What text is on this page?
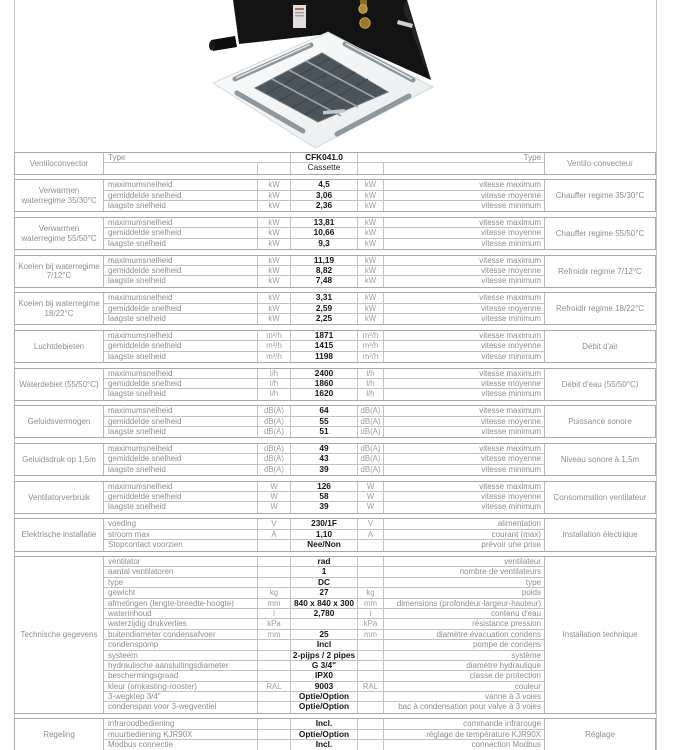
Ventiloconvector
Type	CFK041.0	Type
Cassette	Ventilo-convecteur
Verwarmen waterregime 35/30°C
maximumsnelheid	kW	4,5	kW	vitesse maximum
gemiddelde snelheid	kW	3,06	kW	vitesse moyenne
laagste snelheid	kW	2,36	kW	vitesse minimum
Chauffer regime 35/30°C
Verwarmen waterregime 55/50°C
maximumsnelheid	kW	13,81	kW	vitesse maximum
gemiddelde snelheid	kW	10,66	kW	vitesse moyenne
laagste snelheid	kW	9,3	kW	vitesse minimum
Chauffer regime 55/50°C
Koelen bij waterregime 7/12°C
maximumsnelheid	kW	11,19	kW	vitesse maximum
gemiddelde snelheid	kW	8,82	kW	vitesse moyenne
laagste snelheid	kW	7,48	kW	vitesse minimum
Refroidir regime 7/12°C
Koelen bij waterregime 18/22°C
maximumsnelheid	kW	3,31	kW	vitesse maximum
gemiddelde snelheid	kW	2,59	kW	vitesse moyenne
laagste snelheid	kW	2,25	kW	vitesse minimum
Refroidir regime 18/22°C
Luchtdebieten
maximumsnelheid	m³/h	1871	m³/h	vitesse maximum
gemiddelde snelheid	m³/h	1415	m³/h	vitesse moyenne
laagste snelheid	m³/h	1198	m³/h	vitesse minimum
Débit d'air
Waterdebiet (55/50°C)
maximumsnelheid	l/h	2400	l/h	vitesse maximum
gemiddelde snelheid	l/h	1860	l/h	vitesse moyenne
laagste snelheid	l/h	1620	l/h	vitesse minimum
Débit d'eau (55/50°C)
Geluidsvermogen
maximumsnelheid	dB(A)	64	dB(A)	vitesse maximum
gemiddelde snelheid	dB(A)	55	dB(A)	vitesse moyenne
laagste snelheid	dB(A)	51	dB(A)	vitesse minimum
Puissance sonore
Geluidsdruk op 1,5m
maximumsnelheid	dB(A)	49	dB(A)	vitesse maximum
gemiddelde snelheid	dB(A)	43	dB(A)	vitesse moyenne
laagste snelheid	dB(A)	39	dB(A)	vitesse minimum
Niveau sonore à 1,5m
Ventilatorverbruik
maximumsnelheid	W	126	W	vitesse maximum
gemiddelde snelheid	W	58	W	vitesse moyenne
laagste snelheid	W	39	W	vitesse minimum
Consommation ventilateur
Elektrische installatie
voeding	V	230/1F	V	alimentation
stroom max	A	1,10	A	courant (max)
Stopcontact voorzien	Nee/Non	prévoir une prise
Installation électrique
Technische gegevens
ventilator	rad	ventilateur
aantal ventilatoren	1	nombre de ventilateurs
type	DC	type
gewicht	kg	27	kg	poids
afmetingen (lengte-breedte-hoogte)	mm	840 x 840 x 300	mm	dimensions (profondeur-largeur-hauteur)
waterinhoud	l	2,780	l	contenu d'eau
waterzijdig drukverlies	kPa	kPa	résistance pression
buitendiameter condensafvoer	mm	25	mm	diamètre évacuation condens
condenspomp	Incl	pompe de condens
systeem	2-pijps / 2 pipes	système
hydraulische aansluitingsdiameter	G 3/4"	diamètre hydraulique
beschermingsgraad	IPX0	classe de protection
kleur (omkasting-rooster)	RAL	9003	RAL	couleur
3-wegklep 3/4"	Optie/Option	vanne à 3 voies
condenspan voor 3-wegventiel	Optie/Option	bac à condensation pour valve à 3 voies
Installation technique
Regeling
infraroodbediening	Incl.	commande infrarouge
muurbediening KJR90X	Optie/Option	réglage de température KJR90X
Modbus connectie	Incl.	connection Modbus
Réglage
